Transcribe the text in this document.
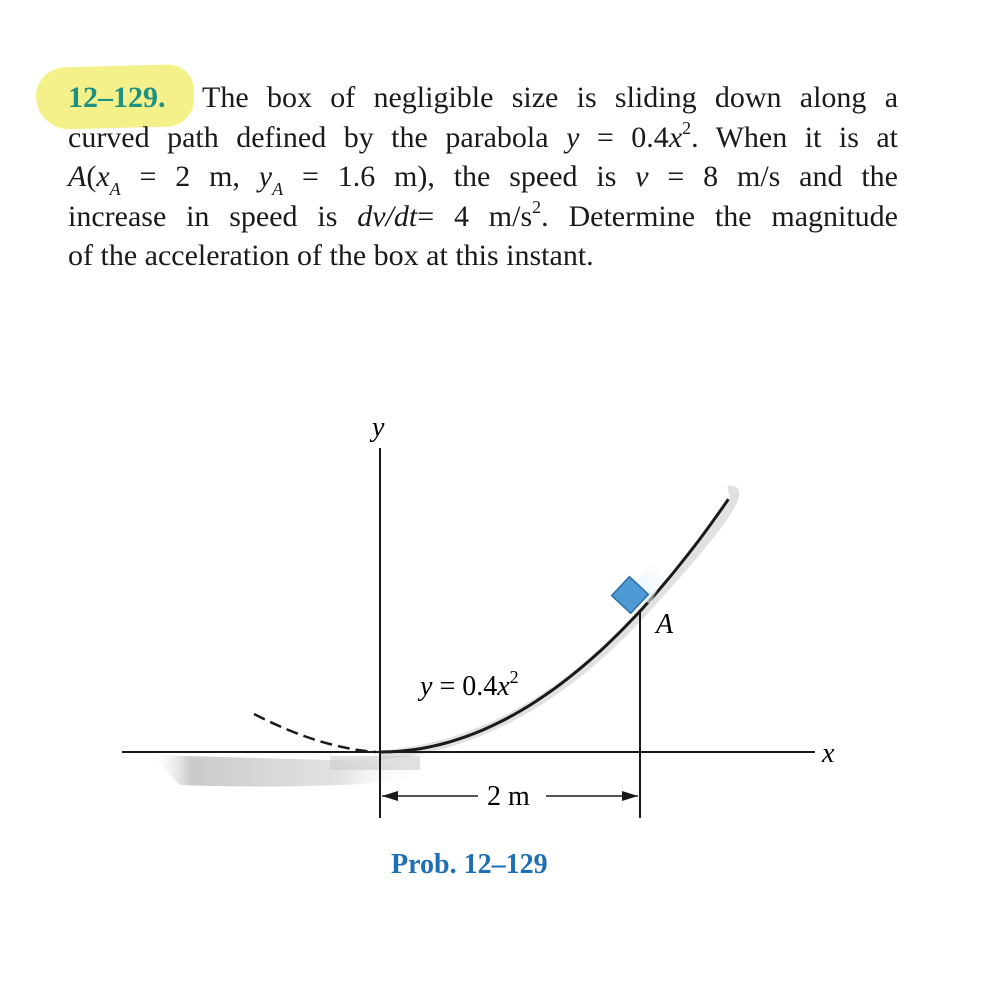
12–129. The box of negligible size is sliding down along a
curved path defined by the parabola $y = 0.4x^2$. When it is at
$A(x_A = 2$ m, $y_A = 1.6$ m), the speed is v = 8 m/s and the
increase in speed is dv/dt= 4 $m/s^2$. Determine the magnitude
of the acceleration of the box at this instant.
y
x
A
2 m
$y = 0.4x^2$
Prob. 12–129
